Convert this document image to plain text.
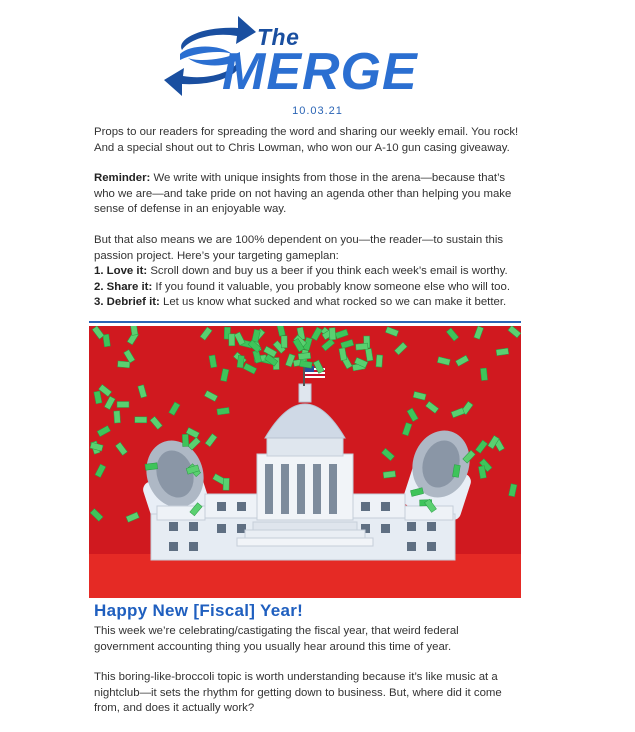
The
MERGE
10.03.21

Props to our readers for spreading the word and sharing our weekly email. You rock! And a special shout out to Chris Lowman, who won our A-10 gun casing giveaway.

Reminder: We write with unique insights from those in the arena—because that’s who we are—and take pride on not having an agenda other than helping you make sense of defense in an enjoyable way.

But that also means we are 100% dependent on you—the reader—to sustain this passion project. Here’s your targeting gameplan:
1. Love it: Scroll down and buy us a beer if you think each week’s email is worthy.
2. Share it: If you found it valuable, you probably know someone else who will too.
3. Debrief it: Let us know what sucked and what rocked so we can make it better.

Happy New [Fiscal] Year!

This week we’re celebrating/castigating the fiscal year, that weird federal government accounting thing you usually hear around this time of year.

This boring-like-broccoli topic is worth understanding because it’s like music at a nightclub—it sets the rhythm for getting down to business. But, where did it come from, and does it actually work?
